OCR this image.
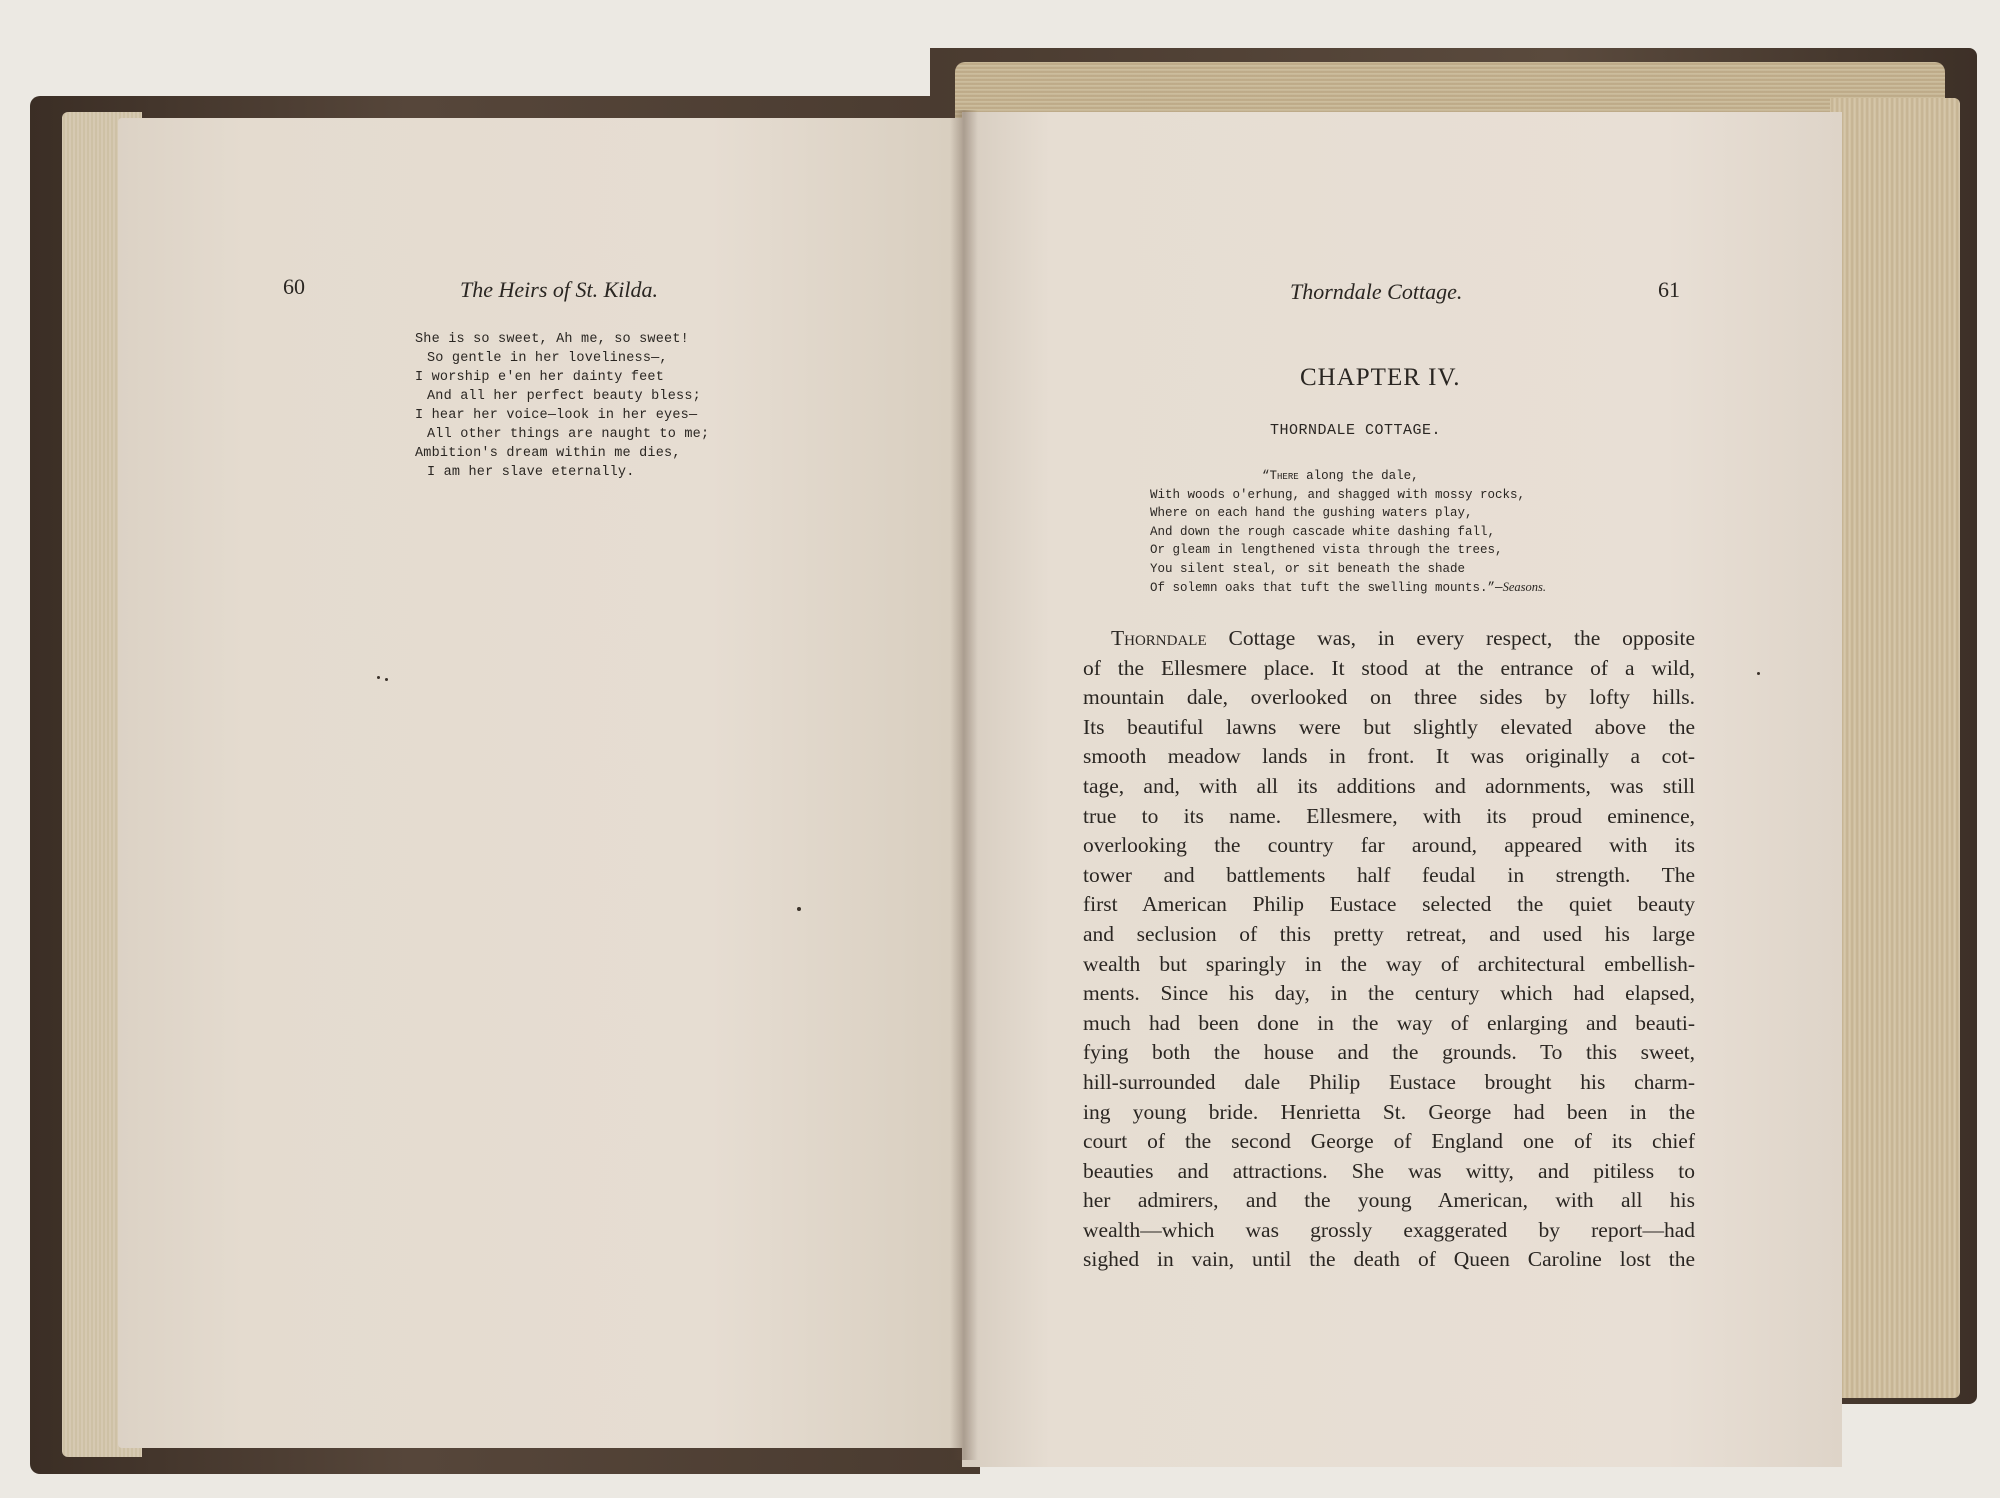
60	The Heirs of St. Kilda.
She is so sweet, Ah me, so sweet!
So gentle in her loveliness—,
I worship e'en her dainty feet
And all her perfect beauty bless;
I hear her voice—look in her eyes—
All other things are naught to me;
Ambition's dream within me dies,
I am her slave eternally.
Thorndale Cottage.	61
CHAPTER IV.
THORNDALE COTTAGE.
“There along the dale,
With woods o'erhung, and shagged with mossy rocks,
Where on each hand the gushing waters play,
And down the rough cascade white dashing fall,
Or gleam in lengthened vista through the trees,
You silent steal, or sit beneath the shade
Of solemn oaks that tuft the swelling mounts.”—Seasons.
Thorndale Cottage was, in every respect, the opposite
of the Ellesmere place. It stood at the entrance of a wild,
mountain dale, overlooked on three sides by lofty hills.
Its beautiful lawns were but slightly elevated above the
smooth meadow lands in front. It was originally a cot-
tage, and, with all its additions and adornments, was still
true to its name. Ellesmere, with its proud eminence,
overlooking the country far around, appeared with its
tower and battlements half feudal in strength. The
first American Philip Eustace selected the quiet beauty
and seclusion of this pretty retreat, and used his large
wealth but sparingly in the way of architectural embellish-
ments. Since his day, in the century which had elapsed,
much had been done in the way of enlarging and beauti-
fying both the house and the grounds. To this sweet,
hill-surrounded dale Philip Eustace brought his charm-
ing young bride. Henrietta St. George had been in the
court of the second George of England one of its chief
beauties and attractions. She was witty, and pitiless to
her admirers, and the young American, with all his
wealth—which was grossly exaggerated by report—had
sighed in vain, until the death of Queen Caroline lost the
